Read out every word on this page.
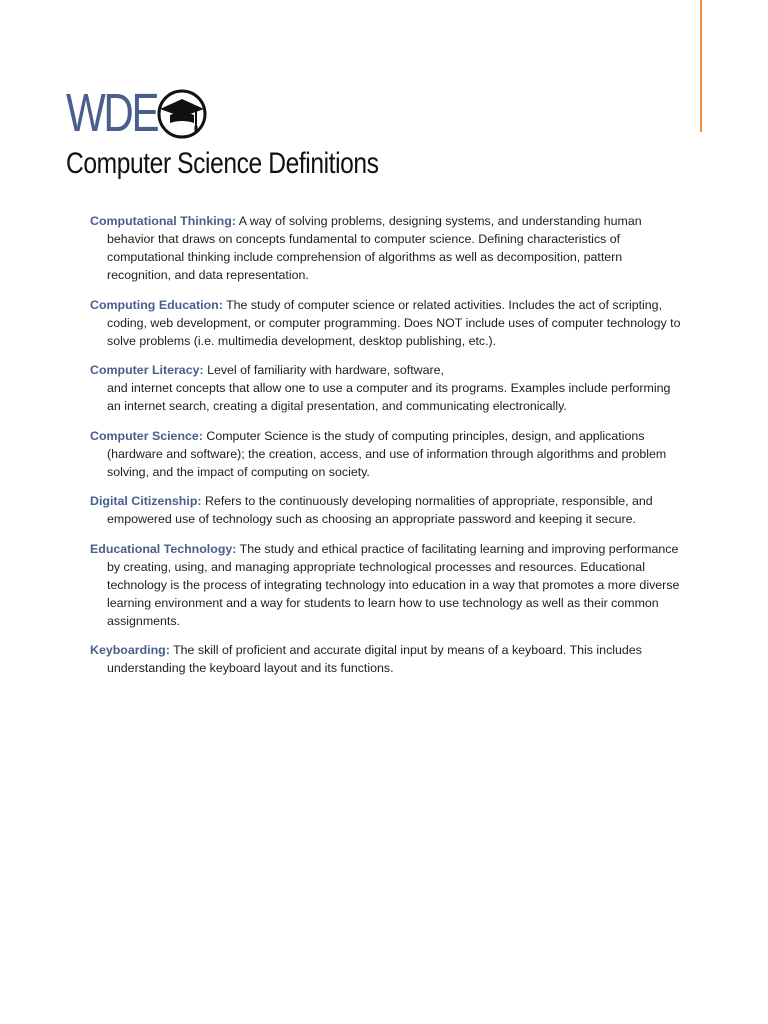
WDE
Computer Science Definitions

Computational Thinking: A way of solving problems, designing systems, and understanding human behavior that draws on concepts fundamental to computer science. Defining characteristics of computational thinking include comprehension of algorithms as well as decomposition, pattern recognition, and data representation.

Computing Education: The study of computer science or related activities. Includes the act of scripting, coding, web development, or computer programming. Does NOT include uses of computer technology to solve problems (i.e. multimedia development, desktop publishing, etc.).

Computer Literacy: Level of familiarity with hardware, software,
and internet concepts that allow one to use a computer and its programs. Examples include performing an internet search, creating a digital presentation, and communicating electronically.

Computer Science: Computer Science is the study of computing principles, design, and applications (hardware and software); the creation, access, and use of information through algorithms and problem solving, and the impact of computing on society.

Digital Citizenship: Refers to the continuously developing normalities of appropriate, responsible, and empowered use of technology such as choosing an appropriate password and keeping it secure.

Educational Technology: The study and ethical practice of facilitating learning and improving performance by creating, using, and managing appropriate technological processes and resources. Educational technology is the process of integrating technology into education in a way that promotes a more diverse learning environment and a way for students to learn how to use technology as well as their common assignments.

Keyboarding: The skill of proficient and accurate digital input by means of a keyboard. This includes understanding the keyboard layout and its functions.
